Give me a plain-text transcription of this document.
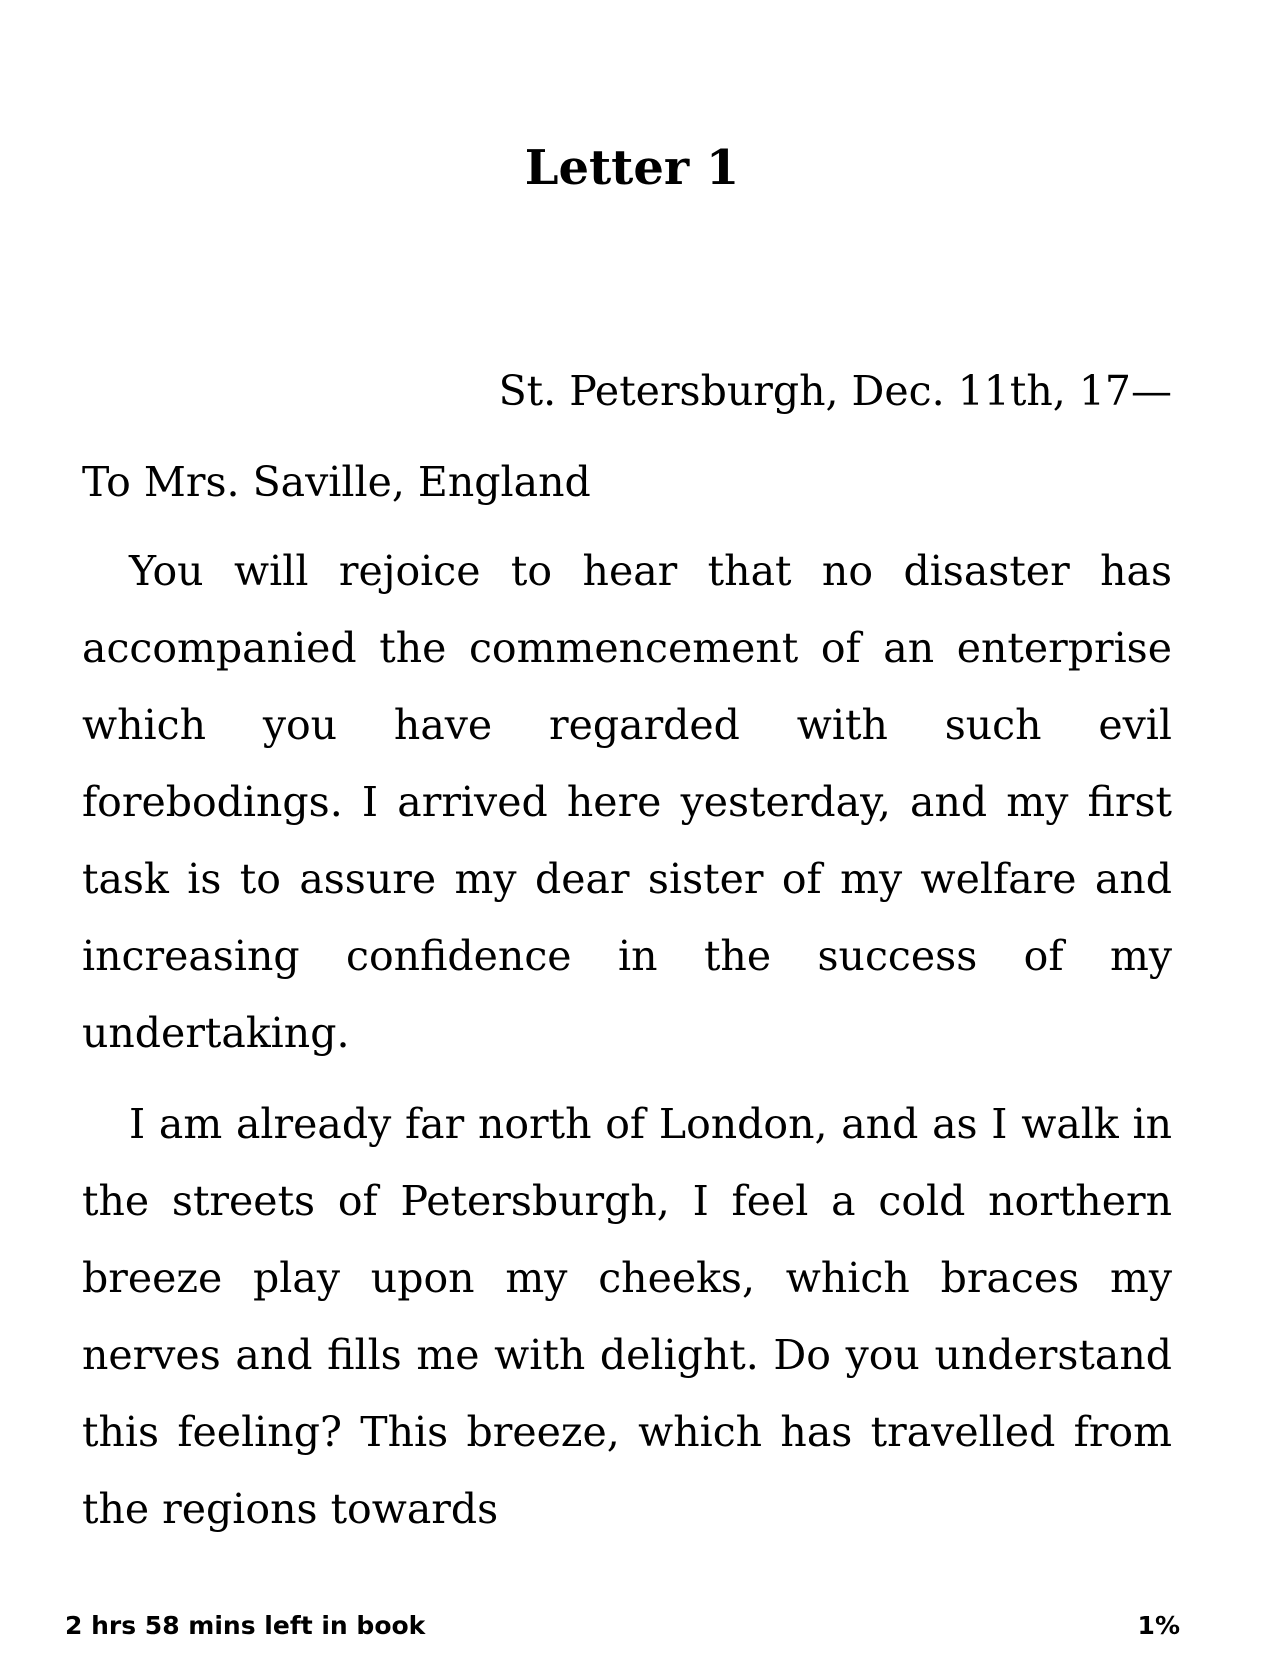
Letter 1
St. Petersburgh, Dec. 11th, 17—
To Mrs. Saville, England

You will rejoice to hear that no disaster has accompanied the commencement of an enterprise which you have regarded with such evil forebodings. I arrived here yesterday, and my first task is to assure my dear sister of my welfare and increasing confidence in the success of my undertaking.

I am already far north of London, and as I walk in the streets of Petersburgh, I feel a cold northern breeze play upon my cheeks, which braces my nerves and fills me with delight. Do you understand this feeling? This breeze, which has travelled from the regions towards

2 hrs 58 mins left in book	1%
